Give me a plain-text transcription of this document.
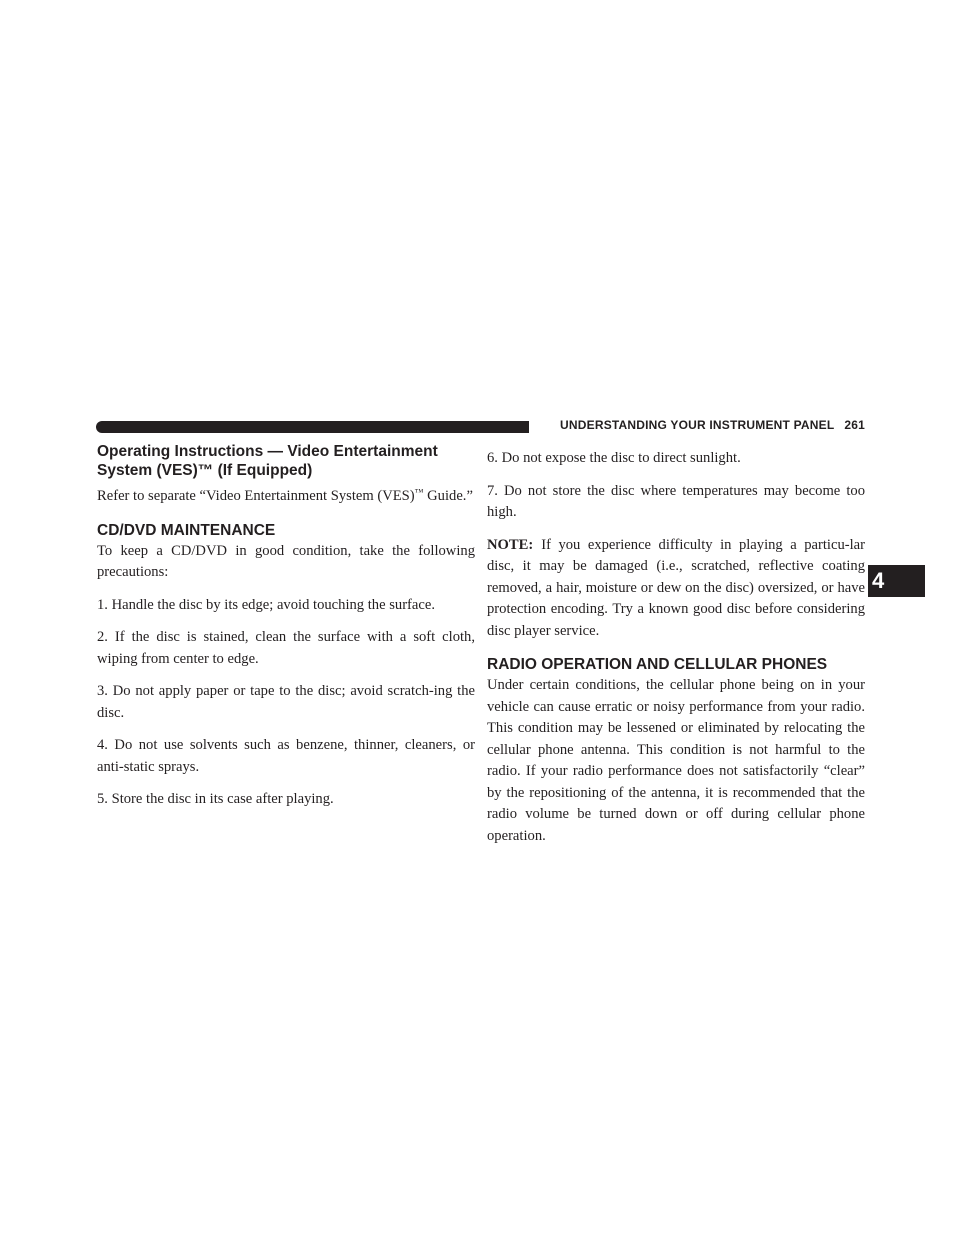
UNDERSTANDING YOUR INSTRUMENT PANEL 261
4
Operating Instructions — Video Entertainment
System (VES)™ (If Equipped)

Refer to separate “Video Entertainment System (VES)™ Guide.”

CD/DVD MAINTENANCE

To keep a CD/DVD in good condition, take the following precautions:

1. Handle the disc by its edge; avoid touching the surface.

2. If the disc is stained, clean the surface with a soft cloth, wiping from center to edge.

3. Do not apply paper or tape to the disc; avoid scratch-ing the disc.

4. Do not use solvents such as benzene, thinner, cleaners, or anti-static sprays.

5. Store the disc in its case after playing.

6. Do not expose the disc to direct sunlight.

7. Do not store the disc where temperatures may become too high.

NOTE: If you experience difficulty in playing a particu-lar disc, it may be damaged (i.e., scratched, reflective coating removed, a hair, moisture or dew on the disc) oversized, or have protection encoding. Try a known good disc before considering disc player service.

RADIO OPERATION AND CELLULAR PHONES

Under certain conditions, the cellular phone being on in your vehicle can cause erratic or noisy performance from your radio. This condition may be lessened or eliminated by relocating the cellular phone antenna. This condition is not harmful to the radio. If your radio performance does not satisfactorily “clear” by the repositioning of the antenna, it is recommended that the radio volume be turned down or off during cellular phone operation.
